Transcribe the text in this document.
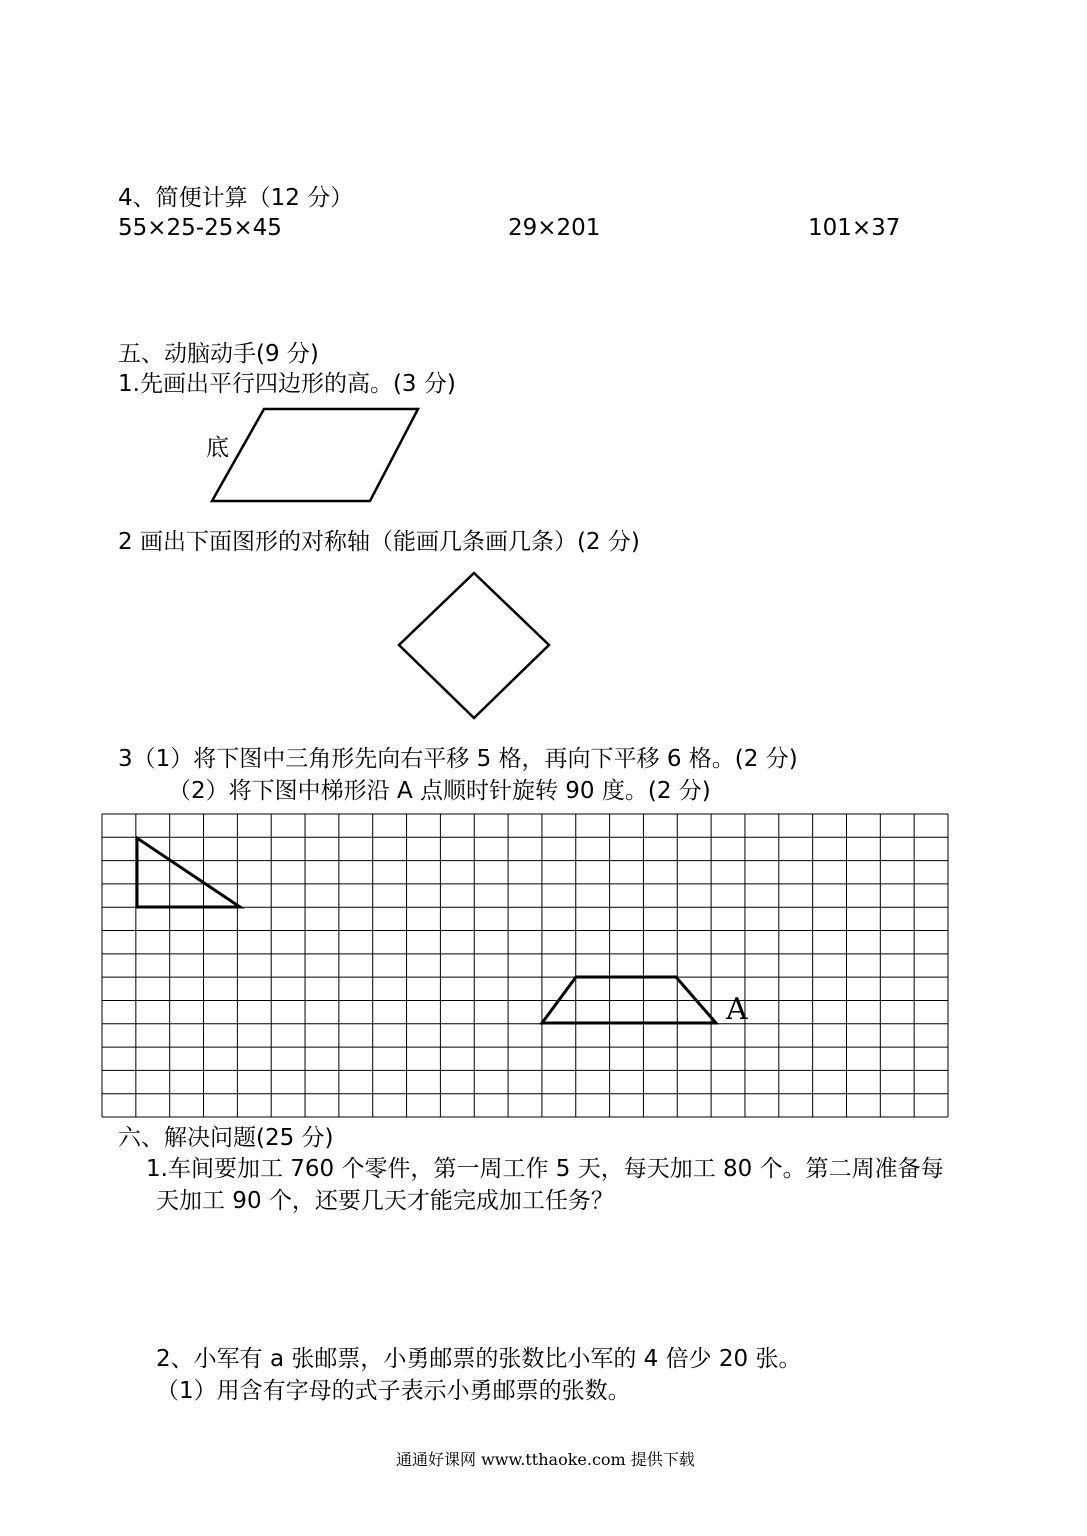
4、简便计算（12 分）
55×25-25×45	29×201	101×37
五、动脑动手(9 分)
1.先画出平行四边形的高。(3 分)
底
2 画出下面图形的对称轴（能画几条画几条）(2 分)
3（1）将下图中三角形先向右平移 5 格，再向下平移 6 格。(2 分)
（2）将下图中梯形沿 A 点顺时针旋转 90 度。(2 分)
A
六、解决问题(25 分)
1.车间要加工 760 个零件，第一周工作 5 天，每天加工 80 个。第二周准备每
天加工 90 个，还要几天才能完成加工任务？
2、小军有 a 张邮票，小勇邮票的张数比小军的 4 倍少 20 张。
（1）用含有字母的式子表示小勇邮票的张数。
通通好课网 www.tthaoke.com 提供下载
